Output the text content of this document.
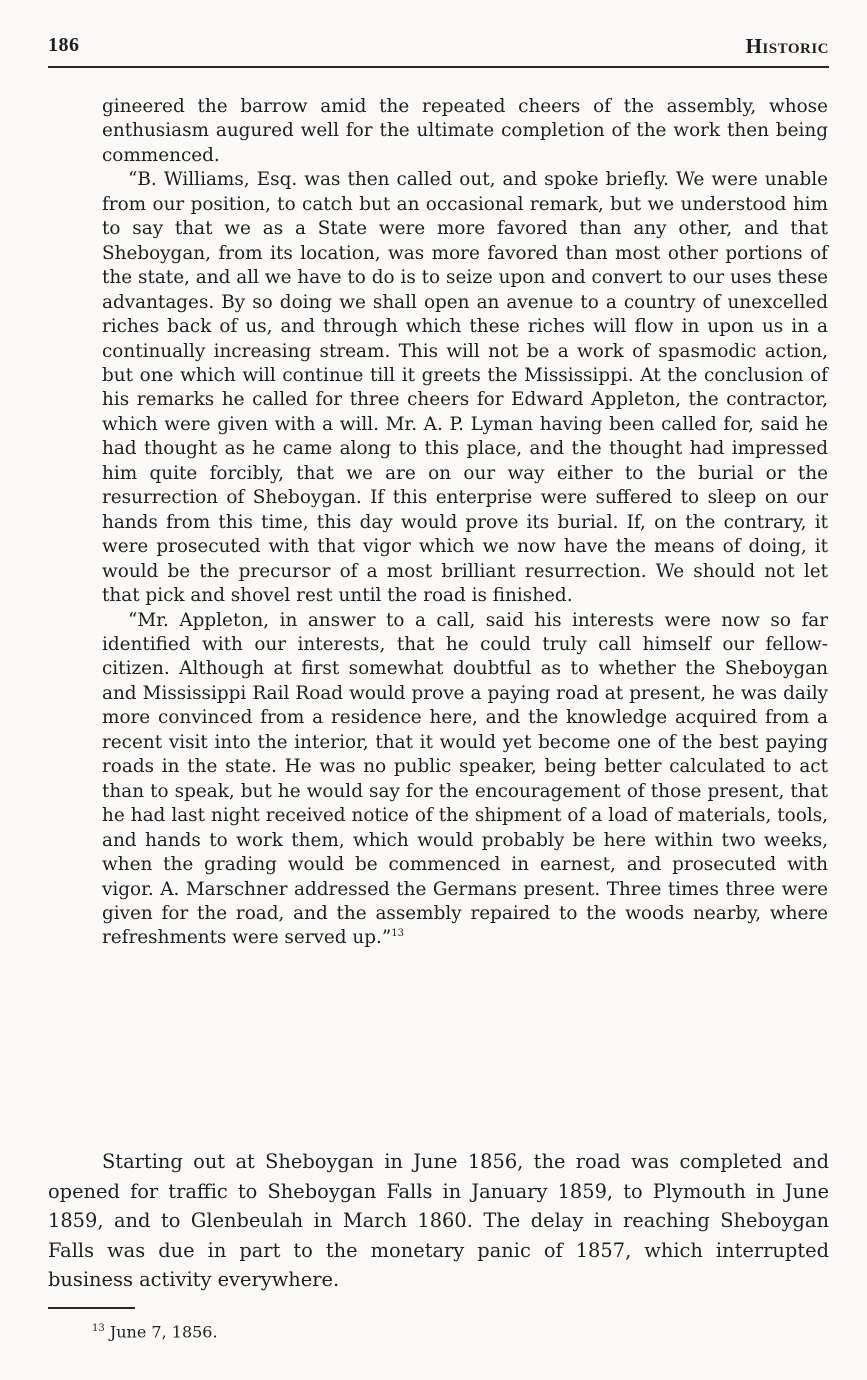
186	Historic

gineered the barrow amid the repeated cheers of the assembly, whose enthusiasm augured well for the ultimate completion of the work then being commenced.

“B. Williams, Esq. was then called out, and spoke briefly. We were unable from our position, to catch but an occasional remark, but we understood him to say that we as a State were more favored than any other, and that Sheboygan, from its location, was more favored than most other portions of the state, and all we have to do is to seize upon and convert to our uses these advantages. By so doing we shall open an avenue to a country of unexcelled riches back of us, and through which these riches will flow in upon us in a continually increasing stream. This will not be a work of spasmodic action, but one which will continue till it greets the Mississippi. At the conclusion of his remarks he called for three cheers for Edward Appleton, the contractor, which were given with a will. Mr. A. P. Lyman having been called for, said he had thought as he came along to this place, and the thought had impressed him quite forcibly, that we are on our way either to the burial or the resurrection of Sheboygan. If this enterprise were suffered to sleep on our hands from this time, this day would prove its burial. If, on the contrary, it were prosecuted with that vigor which we now have the means of doing, it would be the precursor of a most brilliant resurrection. We should not let that pick and shovel rest until the road is finished.

“Mr. Appleton, in answer to a call, said his interests were now so far identified with our interests, that he could truly call himself our fellow-citizen. Although at first somewhat doubtful as to whether the Sheboygan and Mississippi Rail Road would prove a paying road at present, he was daily more convinced from a residence here, and the knowledge acquired from a recent visit into the interior, that it would yet become one of the best paying roads in the state. He was no public speaker, being better calculated to act than to speak, but he would say for the encouragement of those present, that he had last night received notice of the shipment of a load of materials, tools, and hands to work them, which would probably be here within two weeks, when the grading would be commenced in earnest, and prosecuted with vigor. A. Marschner addressed the Germans present. Three times three were given for the road, and the assembly repaired to the woods nearby, where refreshments were served up.”$^{13}$

Starting out at Sheboygan in June 1856, the road was completed and opened for traffic to Sheboygan Falls in January 1859, to Plymouth in June 1859, and to Glenbeulah in March 1860. The delay in reaching Sheboygan Falls was due in part to the monetary panic of 1857, which interrupted business activity everywhere.

$^{13}$ June 7, 1856.
